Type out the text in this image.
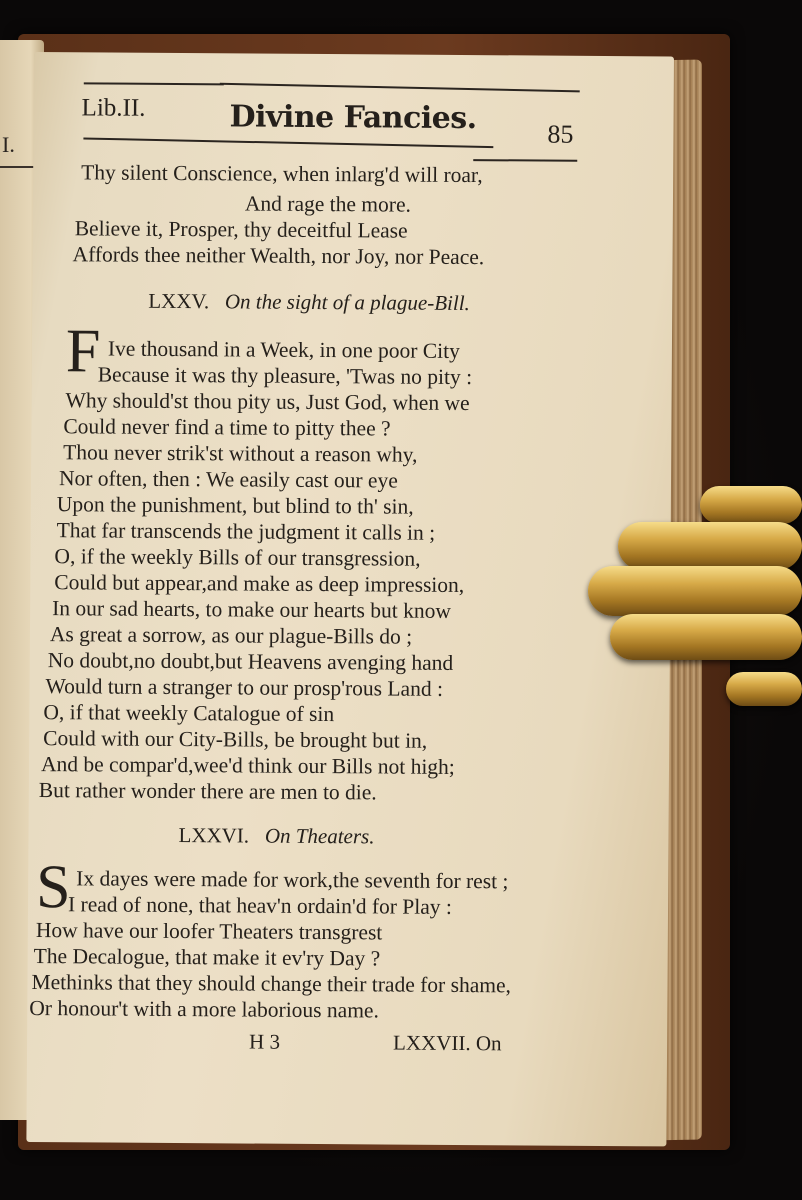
I.
Lib.II.	Divine Fancies.	85
Thy silent Conscience, when inlarg'd will roar,
And rage the more.
Believe it, Prosper, thy deceitful Lease
Affords thee neither Wealth, nor Joy, nor Peace.
LXXV. On the sight of a plague-Bill.
F Ive thousand in a Week, in one poor City
Because it was thy pleasure, 'Twas no pity :
Why should'st thou pity us, Just God, when we
Could never find a time to pitty thee ?
Thou never strik'st without a reason why,
Nor often, then : We easily cast our eye
Upon the punishment, but blind to th' sin,
That far transcends the judgment it calls in ;
O, if the weekly Bills of our transgression,
Could but appear,and make as deep impression,
In our sad hearts, to make our hearts but know
As great a sorrow, as our plague-Bills do ;
No doubt,no doubt,but Heavens avenging hand
Would turn a stranger to our prosp'rous Land :
O, if that weekly Catalogue of sin
Could with our City-Bills, be brought but in,
And be compar'd,wee'd think our Bills not high;
But rather wonder there are men to die.
LXXVI. On Theaters.
S Ix dayes were made for work,the seventh for rest ;
I read of none, that heav'n ordain'd for Play :
How have our loofer Theaters transgrest
The Decalogue, that make it ev'ry Day ?
Methinks that they should change their trade for shame,
Or honour't with a more laborious name.
H 3	LXXVII. On
